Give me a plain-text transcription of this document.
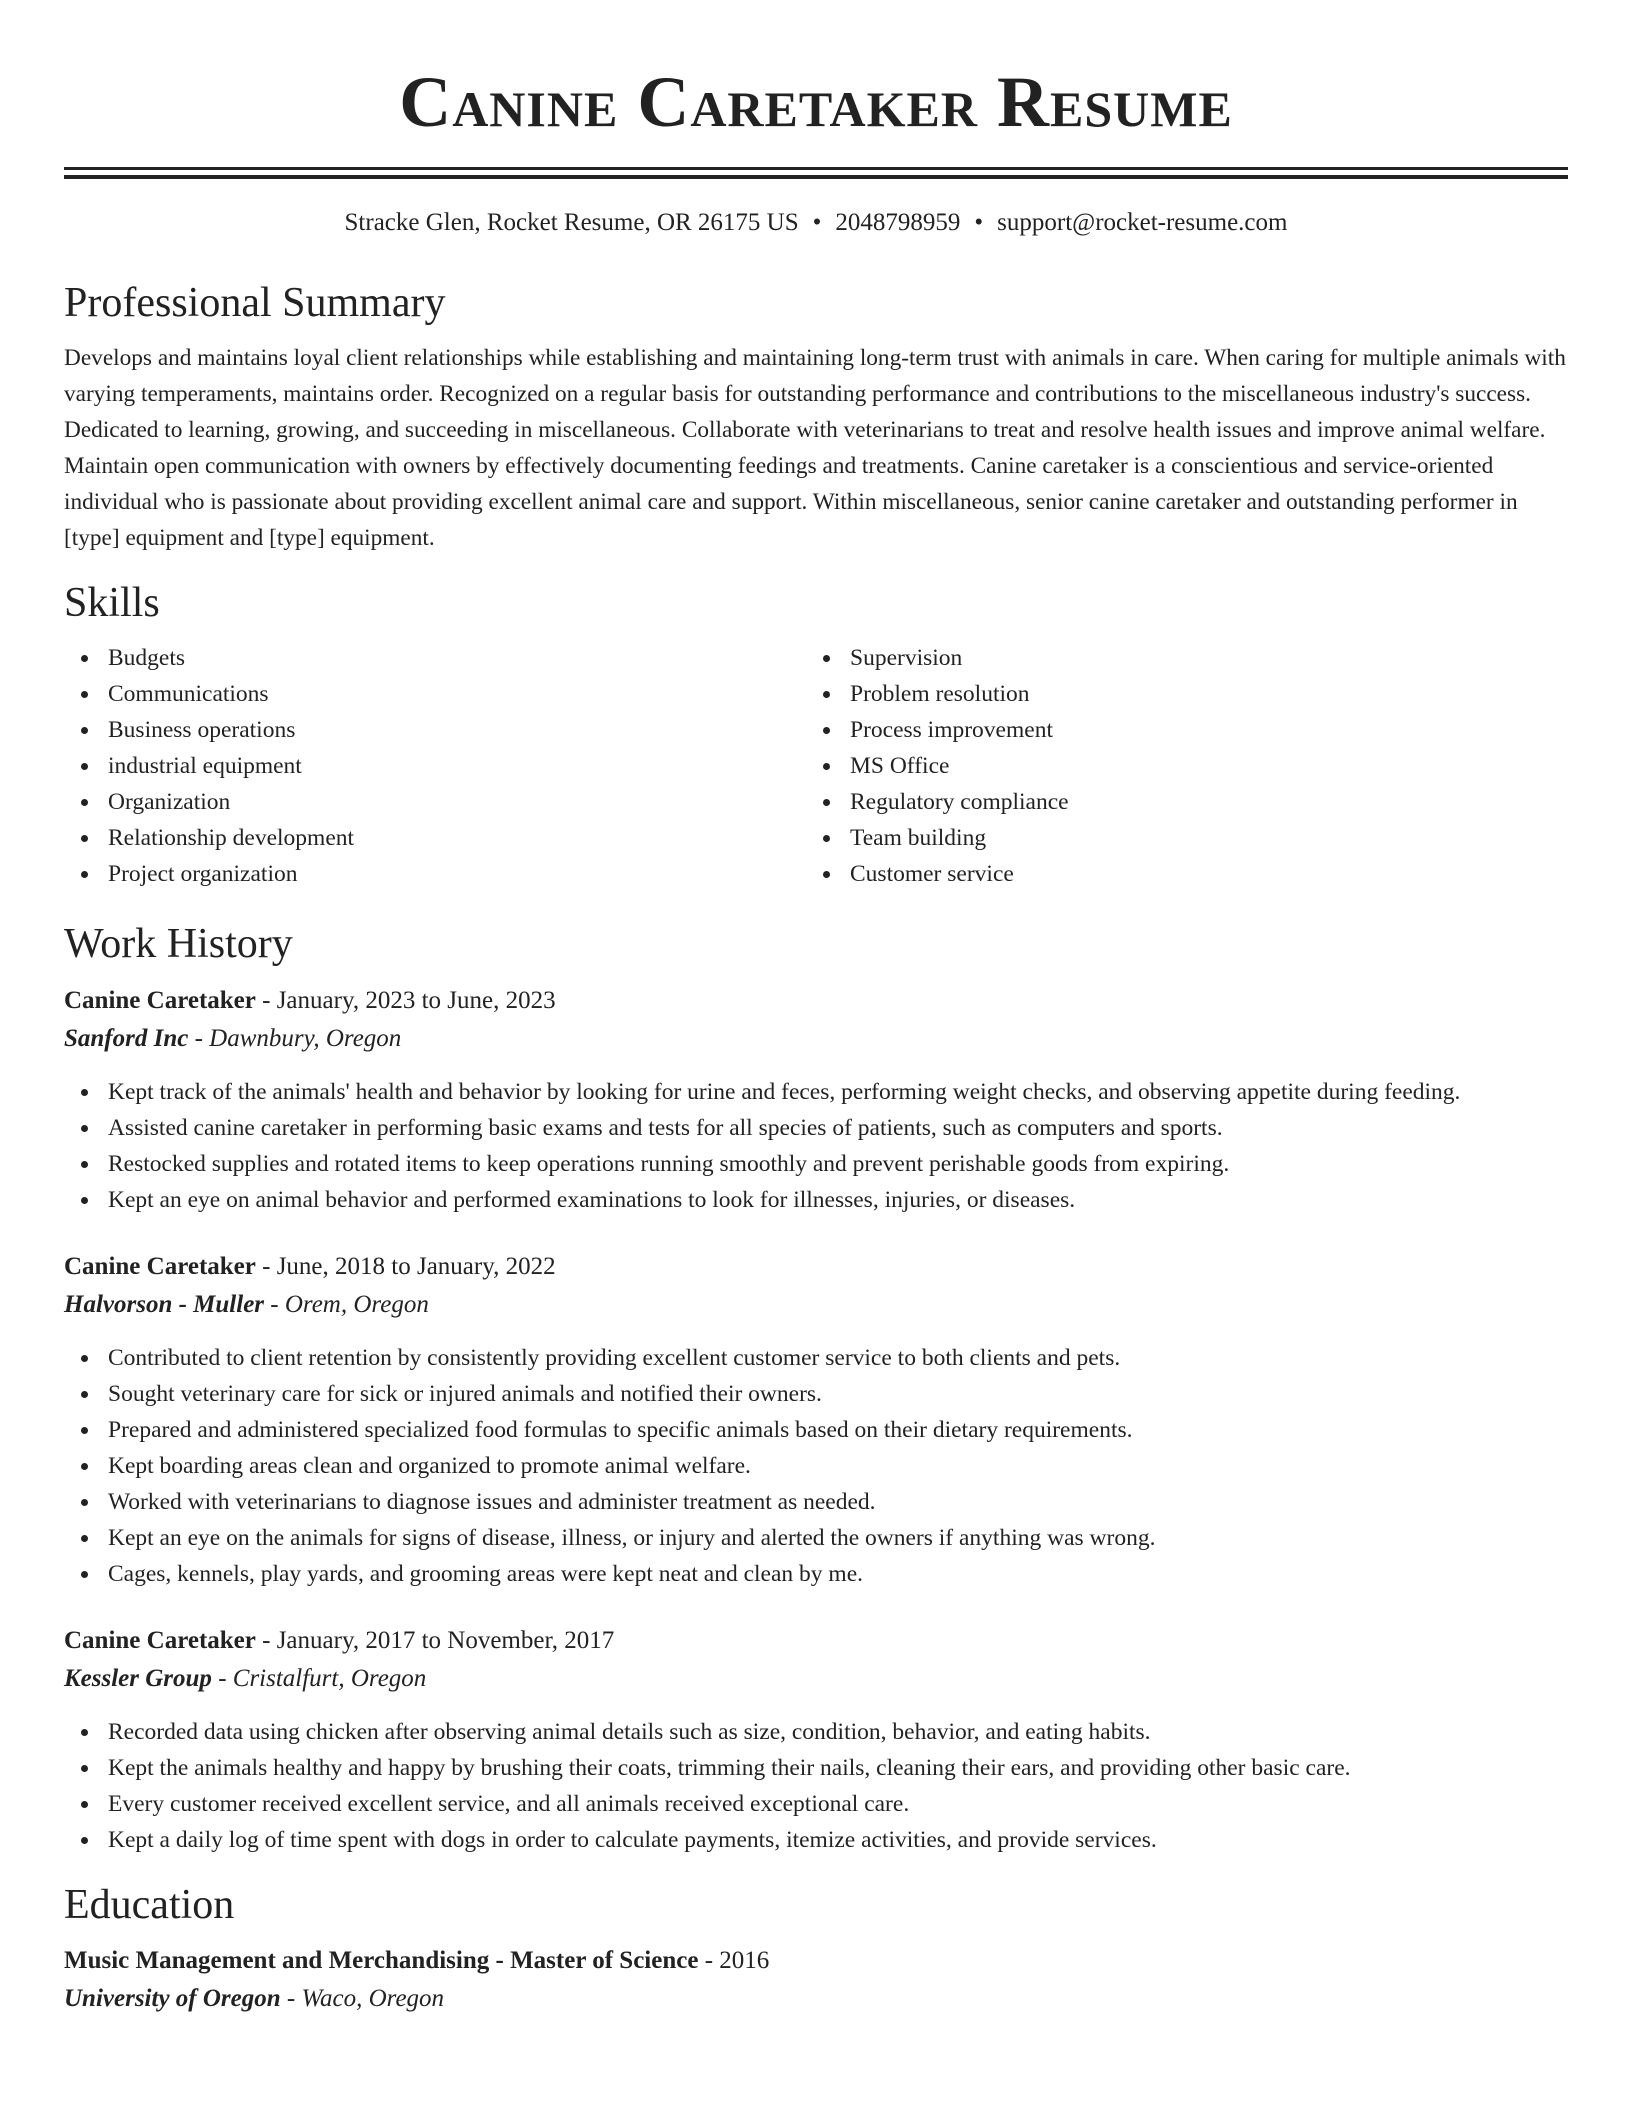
Canine Caretaker Resume
Stracke Glen, Rocket Resume, OR 26175 US • 2048798959 • support@rocket-resume.com
Professional Summary

Develops and maintains loyal client relationships while establishing and maintaining long-term trust with animals in care. When caring for multiple animals with varying temperaments, maintains order. Recognized on a regular basis for outstanding performance and contributions to the miscellaneous industry's success. Dedicated to learning, growing, and succeeding in miscellaneous. Collaborate with veterinarians to treat and resolve health issues and improve animal welfare. Maintain open communication with owners by effectively documenting feedings and treatments. Canine caretaker is a conscientious and service-oriented individual who is passionate about providing excellent animal care and support. Within miscellaneous, senior canine caretaker and outstanding performer in [type] equipment and [type] equipment.

Skills
Budgets
Communications
Business operations
industrial equipment
Organization
Relationship development
Project organization
Supervision
Problem resolution
Process improvement
MS Office
Regulatory compliance
Team building
Customer service
Work History
Canine Caretaker - January, 2023 to June, 2023
Sanford Inc - Dawnbury, Oregon
Kept track of the animals' health and behavior by looking for urine and feces, performing weight checks, and observing appetite during feeding.
Assisted canine caretaker in performing basic exams and tests for all species of patients, such as computers and sports.
Restocked supplies and rotated items to keep operations running smoothly and prevent perishable goods from expiring.
Kept an eye on animal behavior and performed examinations to look for illnesses, injuries, or diseases.
Canine Caretaker - June, 2018 to January, 2022
Halvorson - Muller - Orem, Oregon
Contributed to client retention by consistently providing excellent customer service to both clients and pets.
Sought veterinary care for sick or injured animals and notified their owners.
Prepared and administered specialized food formulas to specific animals based on their dietary requirements.
Kept boarding areas clean and organized to promote animal welfare.
Worked with veterinarians to diagnose issues and administer treatment as needed.
Kept an eye on the animals for signs of disease, illness, or injury and alerted the owners if anything was wrong.
Cages, kennels, play yards, and grooming areas were kept neat and clean by me.
Canine Caretaker - January, 2017 to November, 2017
Kessler Group - Cristalfurt, Oregon
Recorded data using chicken after observing animal details such as size, condition, behavior, and eating habits.
Kept the animals healthy and happy by brushing their coats, trimming their nails, cleaning their ears, and providing other basic care.
Every customer received excellent service, and all animals received exceptional care.
Kept a daily log of time spent with dogs in order to calculate payments, itemize activities, and provide services.
Education
Music Management and Merchandising - Master of Science - 2016
University of Oregon - Waco, Oregon
